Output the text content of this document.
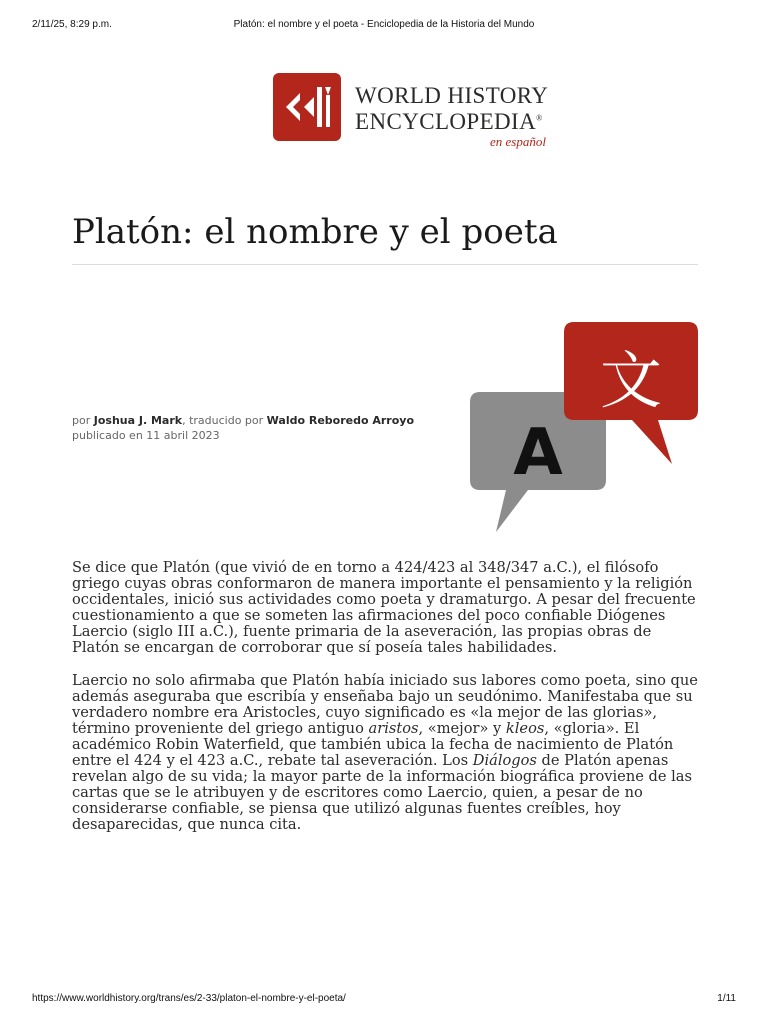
2/11/25, 8:29 p.m.	Platón: el nombre y el poeta - Enciclopedia de la Historia del Mundo
WORLD HISTORY
ENCYCLOPEDIA®
en español
Platón: el nombre y el poeta
A
文
por Joshua J. Mark, traducido por Waldo Reboredo Arroyo
publicado en 11 abril 2023

Se dice que Platón (que vivió de en torno a 424/423 al 348/347 a.C.), el filósofo griego cuyas obras conformaron de manera importante el pensamiento y la religión occidentales, inició sus actividades como poeta y dramaturgo. A pesar del frecuente cuestionamiento a que se someten las afirmaciones del poco confiable Diógenes Laercio (siglo III a.C.), fuente primaria de la aseveración, las propias obras de Platón se encargan de corroborar que sí poseía tales habilidades.

Laercio no solo afirmaba que Platón había iniciado sus labores como poeta, sino que además aseguraba que escribía y enseñaba bajo un seudónimo. Manifestaba que su verdadero nombre era Aristocles, cuyo significado es «la mejor de las glorias», término proveniente del griego antiguo aristos, «mejor» y kleos, «gloria». El académico Robin Waterfield, que también ubica la fecha de nacimiento de Platón entre el 424 y el 423 a.C., rebate tal aseveración. Los Diálogos de Platón apenas revelan algo de su vida; la mayor parte de la información biográfica proviene de las cartas que se le atribuyen y de escritores como Laercio, quien, a pesar de no considerarse confiable, se piensa que utilizó algunas fuentes creíbles, hoy desaparecidas, que nunca cita.

https://www.worldhistory.org/trans/es/2-33/platon-el-nombre-y-el-poeta/	1/11
